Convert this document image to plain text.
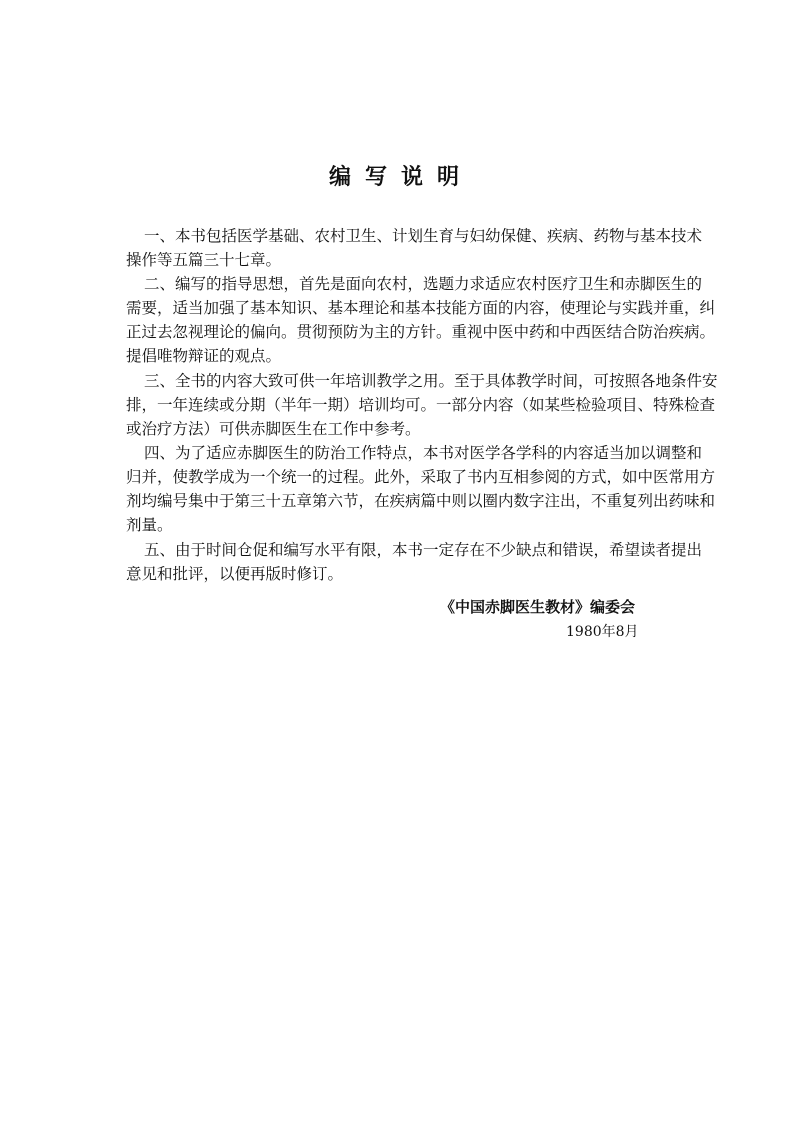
编写说明
一、本书包括医学基础、农村卫生、计划生育与妇幼保健、疾病、药物与基本技术
操作等五篇三十七章。
二、编写的指导思想，首先是面向农村，选题力求适应农村医疗卫生和赤脚医生的
需要，适当加强了基本知识、基本理论和基本技能方面的内容，使理论与实践并重，纠
正过去忽视理论的偏向。贯彻预防为主的方针。重视中医中药和中西医结合防治疾病。
提倡唯物辩证的观点。
三、全书的内容大致可供一年培训教学之用。至于具体教学时间，可按照各地条件安
排，一年连续或分期（半年一期）培训均可。一部分内容（如某些检验项目、特殊检查
或治疗方法）可供赤脚医生在工作中参考。
四、为了适应赤脚医生的防治工作特点，本书对医学各学科的内容适当加以调整和
归并，使教学成为一个统一的过程。此外，采取了书内互相参阅的方式，如中医常用方
剂均编号集中于第三十五章第六节，在疾病篇中则以圈内数字注出，不重复列出药味和
剂量。
五、由于时间仓促和编写水平有限，本书一定存在不少缺点和错误，希望读者提出
意见和批评，以便再版时修订。
《中国赤脚医生教材》编委会
1980年8月
